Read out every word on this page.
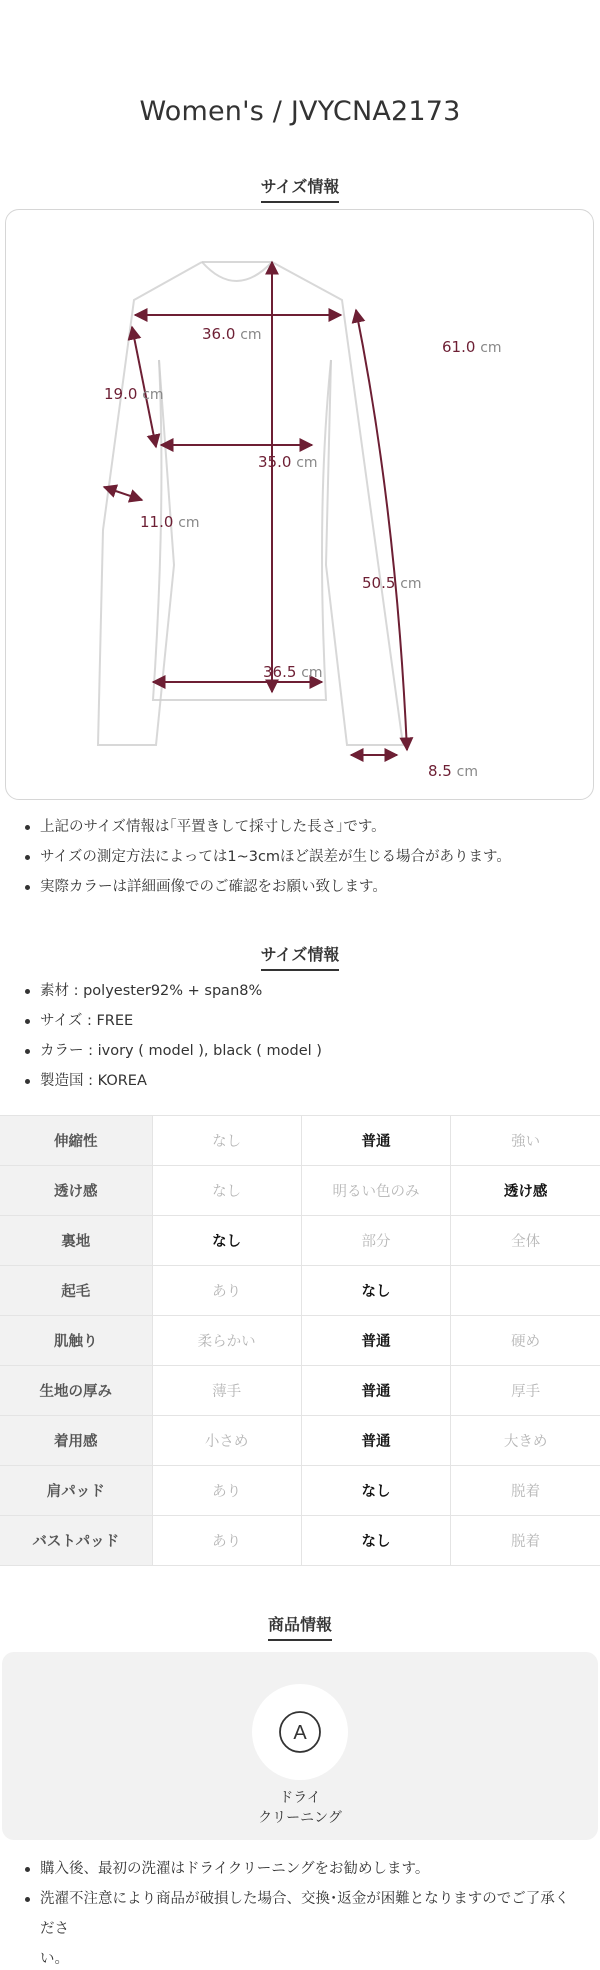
Women's / JVYCNA2173
サイズ情報
36.0 cm
61.0 cm
19.0 cm
35.0 cm
11.0 cm
50.5 cm
36.5 cm
8.5 cm
上記のサイズ情報は｢平置きして採寸した長さ｣です。
サイズの測定方法によっては1~3cmほど誤差が生じる場合があります。
実際カラーは詳細画像でのご確認をお願い致します。
サイズ情報
素材 : polyester92% + span8%
サイズ : FREE
カラー : ivory ( model ), black ( model )
製造国 : KOREA
伸縮性	なし	普通	強い
透け感	なし	明るい色のみ	透け感
裏地	なし	部分	全体
起毛	あり	なし	
肌触り	柔らかい	普通	硬め
生地の厚み	薄手	普通	厚手
着用感	小さめ	普通	大きめ
肩パッド	あり	なし	脱着
バストパッド	あり	なし	脱着
商品情報
A
ドライ
クリーニング
購入後、最初の洗濯はドライクリーニングをお勧めします。
洗濯不注意により商品が破損した場合、交換･返金が困難となりますのでご了承くださ
い。
